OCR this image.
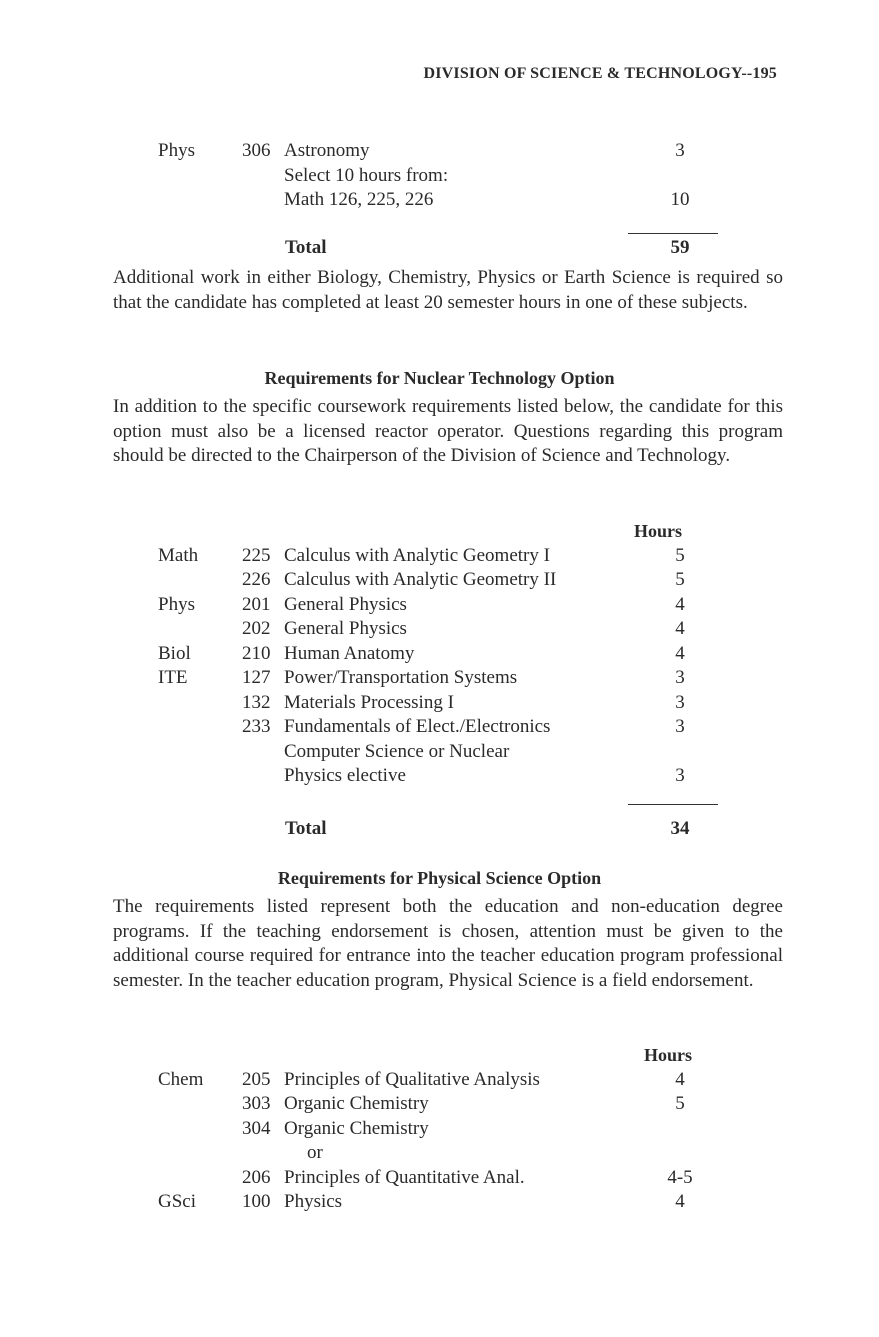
DIVISION OF SCIENCE & TECHNOLOGY--195
Phys 306 Astronomy	3
Select 10 hours from:
Math 126, 225, 226	10
Total	59
Additional work in either Biology, Chemistry, Physics or Earth Science is required so that the candidate has completed at least 20 semester hours in one of these subjects.
Requirements for Nuclear Technology Option
In addition to the specific coursework requirements listed below, the candidate for this option must also be a licensed reactor operator. Questions regarding this program should be directed to the Chairperson of the Division of Science and Technology.
Hours
Math 225 Calculus with Analytic Geometry I	5
226 Calculus with Analytic Geometry II	5
Phys 201 General Physics	4
202 General Physics	4
Biol	210 Human Anatomy	4
ITE	127 Power/Transportation Systems	3
132 Materials Processing I	3
233 Fundamentals of Elect./Electronics	3
Computer Science or Nuclear
Physics elective	3
Total	34
Requirements for Physical Science Option
The requirements listed represent both the education and non-education degree programs. If the teaching endorsement is chosen, attention must be given to the additional course required for entrance into the teacher education program professional semester. In the teacher education program, Physical Science is a field endorsement.
Hours
Chem 205 Principles of Qualitative Analysis	4
303 Organic Chemistry	5
304 Organic Chemistry
or
206 Principles of Quantitative Anal.	4-5
GSci 100 Physics	4
